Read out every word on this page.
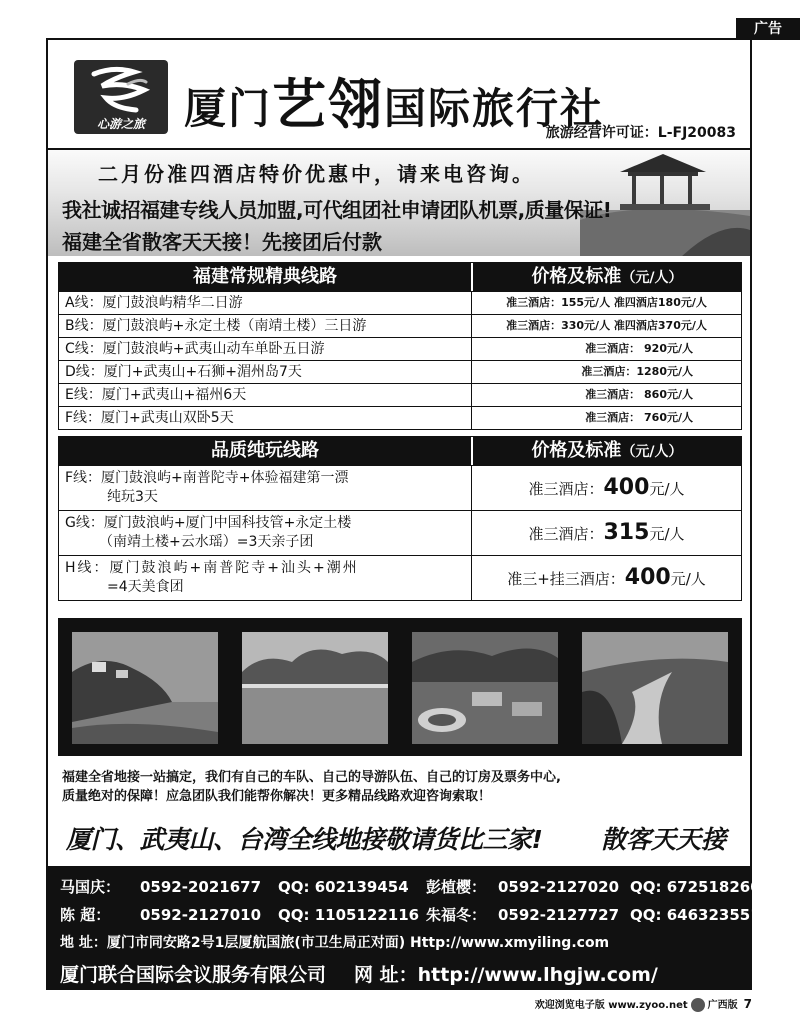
广告
心游之旅 厦门艺翎国际旅行社
旅游经营许可证：L-FJ20083
二月份准四酒店特价优惠中，请来电咨询。
我社诚招福建专线人员加盟,可代组团社申请团队机票,质量保证!
福建全省散客天天接！先接团后付款
福建常规精典线路	价格及标准（元/人）
A线：厦门鼓浪屿精华二日游	准三酒店：155元/人 准四酒店180元/人
B线：厦门鼓浪屿+永定土楼（南靖土楼）三日游	准三酒店：330元/人 准四酒店370元/人
C线：厦门鼓浪屿+武夷山动车单卧五日游	准三酒店： 920元/人
D线：厦门+武夷山+石狮+湄州岛7天	准三酒店：1280元/人
E线：厦门+武夷山+福州6天	准三酒店： 860元/人
F线：厦门+武夷山双卧5天	准三酒店： 760元/人
品质纯玩线路	价格及标准（元/人）
F线：厦门鼓浪屿+南普陀寺+体验福建第一漂
纯玩3天	准三酒店：400元/人
G线：厦门鼓浪屿+厦门中国科技管+永定土楼
（南靖土楼+云水瑶）=3天亲子团	准三酒店：315元/人
H线：厦门鼓浪屿+南普陀寺+汕头+潮州
=4天美食团	准三+挂三酒店：400元/人
福建全省地接一站搞定，我们有自己的车队、自己的导游队伍、自己的订房及票务中心,
质量绝对的保障！应急团队我们能帮你解决！更多精品线路欢迎咨询索取！
厦门、武夷山、台湾全线地接敬请货比三家! 散客天天接
马国庆： 0592-2021677 QQ: 602139454 彭植樱： 0592-2127020 QQ: 672518260
陈 超： 0592-2127010 QQ: 1105122116 朱福冬： 0592-2127727 QQ: 646323551
地 址：厦门市同安路2号1层厦航国旅(市卫生局正对面) Http://www.xmyiling.com
厦门联合国际会议服务有限公司 网 址：http://www.lhgjw.com/
欢迎浏览电子版 www.zyoo.net 广西版 7
